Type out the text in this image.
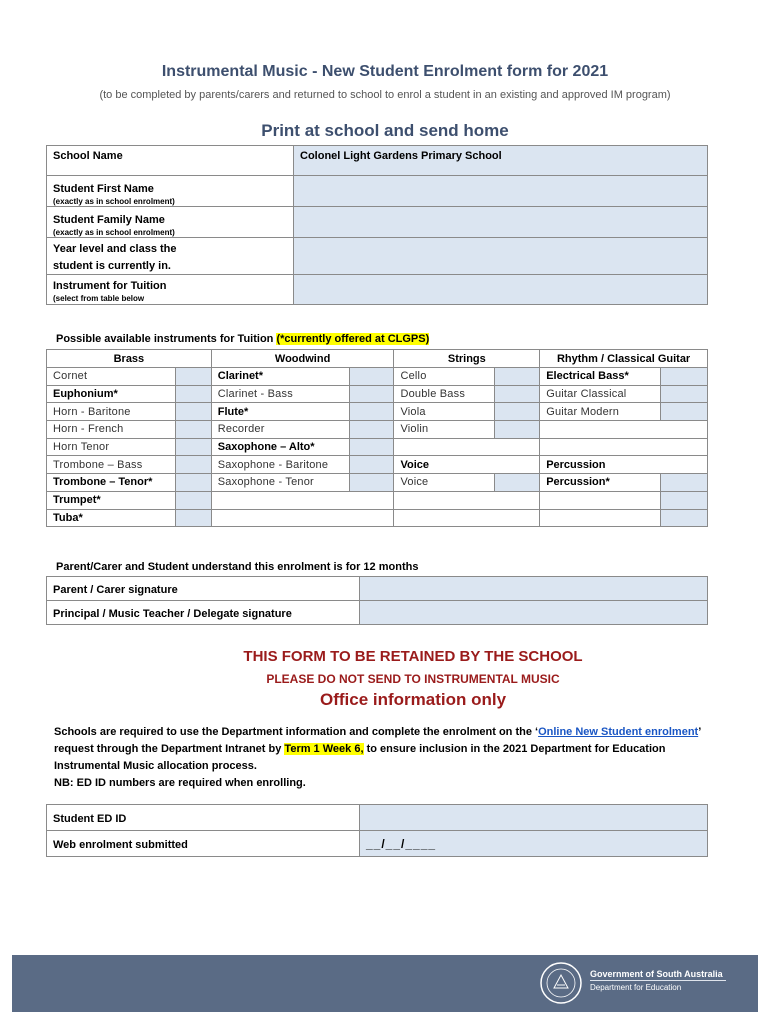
Instrumental Music - New Student Enrolment form for 2021
(to be completed by parents/carers and returned to school to enrol a student in an existing and approved IM program)
Print at school and send home
School Name	Colonel Light Gardens Primary School
Student First Name
(exactly as in school enrolment)	

Student Family Name
(exactly as in school enrolment)	

Year level and class the
student is currently in.	
Instrument for Tuition
(select from table below	

Possible available instruments for Tuition (*currently offered at CLGPS)
Brass		Woodwind		Strings		Rhythm / Classical Guitar	
Cornet		Clarinet*		Cello		Electrical Bass*	
Euphonium*		Clarinet - Bass		Double Bass		Guitar Classical	
Horn - Baritone		Flute*		Viola		Guitar Modern	
Horn - French		Recorder		Violin			
Horn Tenor		Saxophone – Alto*					
Trombone – Bass		Saxophone - Baritone		Voice		Percussion	
Trombone – Tenor*		Saxophone - Tenor		Voice		Percussion*	
Trumpet*							
Tuba*							
Parent/Carer and Student understand this enrolment is for 12 months
Parent / Carer signature	
Principal / Music Teacher / Delegate signature	
THIS FORM TO BE RETAINED BY THE SCHOOL
PLEASE DO NOT SEND TO INSTRUMENTAL MUSIC
Office information only
Schools are required to use the Department information and complete the enrolment on the ‘Online New Student enrolment’ request through the Department Intranet by Term 1 Week 6, to ensure inclusion in the 2021 Department for Education Instrumental Music allocation process.
NB: ED ID numbers are required when enrolling.
Student ED ID	
Web enrolment submitted	__/__/____
Government of South Australia
Department for Education
